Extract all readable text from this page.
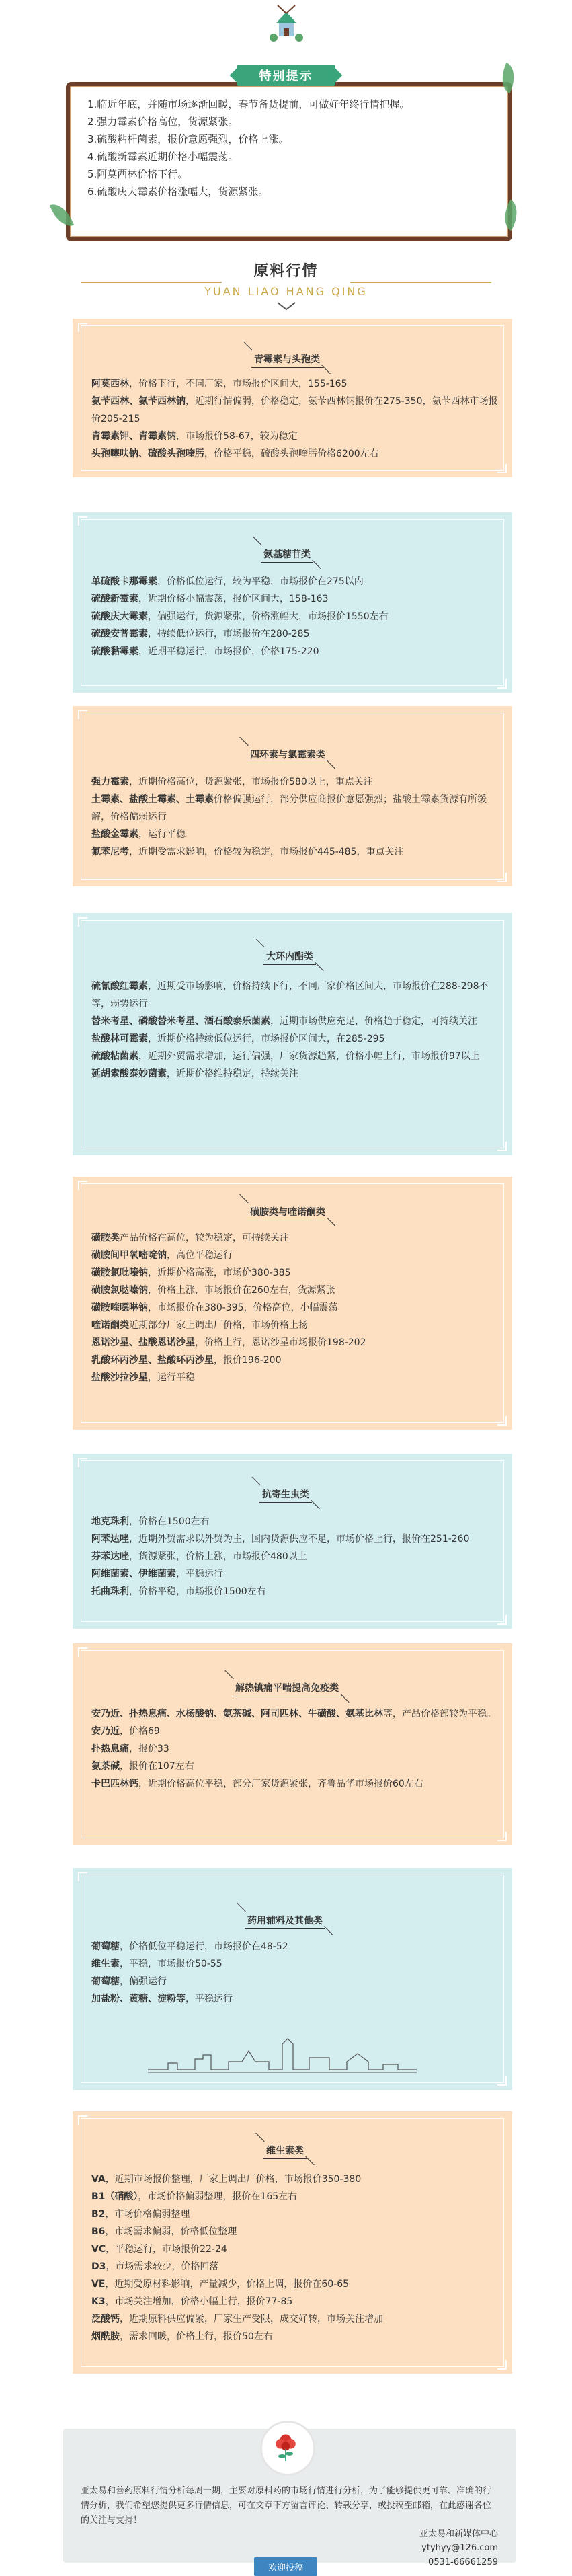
特别提示
1.临近年底，并随市场逐渐回暖，春节备货提前，可做好年终行情把握。
2.强力霉素价格高位，货源紧张。
3.硫酸粘杆菌素，报价意愿强烈，价格上涨。
4.硫酸新霉素近期价格小幅震荡。
5.阿莫西林价格下行。
6.硫酸庆大霉素价格涨幅大，货源紧张。
原料行情
YUAN LIAO HANG QING
青霉素与头孢类
阿莫西林，价格下行，不同厂家，市场报价区间大，155-165
氨苄西林、氨苄西林钠，近期行情偏弱，价格稳定，氨苄西林钠报价在275-350，氨苄西林市场报价205-215
青霉素钾、青霉素钠，市场报价58-67，较为稳定
头孢噻呋钠、硫酸头孢喹肟，价格平稳，硫酸头孢喹肟价格6200左右
氨基糖苷类
单硫酸卡那霉素，价格低位运行，较为平稳，市场报价在275以内
硫酸新霉素，近期价格小幅震荡，报价区间大，158-163
硫酸庆大霉素，偏强运行，货源紧张，价格涨幅大，市场报价1550左右
硫酸安普霉素，持续低位运行，市场报价在280-285
硫酸黏霉素，近期平稳运行，市场报价，价格175-220
四环素与氯霉素类
强力霉素，近期价格高位，货源紧张，市场报价580以上，重点关注
土霉素、盐酸土霉素、土霉素价格偏强运行，部分供应商报价意愿强烈；盐酸土霉素货源有所缓解，价格偏弱运行
盐酸金霉素，运行平稳
氟苯尼考，近期受需求影响，价格较为稳定，市场报价445-485，重点关注
大环内酯类
硫氰酸红霉素，近期受市场影响，价格持续下行，不同厂家价格区间大，市场报价在288-298不等，弱势运行
替米考星、磷酸替米考星、酒石酸泰乐菌素，近期市场供应充足，价格趋于稳定，可持续关注
盐酸林可霉素，近期价格持续低位运行，市场报价区间大，在285-295
硫酸粘菌素，近期外贸需求增加，运行偏强，厂家货源趋紧，价格小幅上行，市场报价97以上
延胡索酸泰妙菌素，近期价格维持稳定，持续关注
磺胺类与喹诺酮类
磺胺类产品价格在高位，较为稳定，可持续关注
磺胺间甲氧嘧啶钠，高位平稳运行
磺胺氯吡嗪钠，近期价格高涨，市场价380-385
磺胺氯哒嗪钠，价格上涨，市场报价在260左右，货源紧张
磺胺喹噁啉钠，市场报价在380-395，价格高位，小幅震荡
喹诺酮类近期部分厂家上调出厂价格，市场价格上扬
恩诺沙星、盐酸恩诺沙星，价格上行，恩诺沙星市场报价198-202
乳酸环丙沙星、盐酸环丙沙星，报价196-200
盐酸沙拉沙星，运行平稳
抗寄生虫类
地克珠利，价格在1500左右
阿苯达唑，近期外贸需求以外贸为主，国内货源供应不足，市场价格上行，报价在251-260
芬苯达唑，货源紧张，价格上涨，市场报价480以上
阿维菌素、伊维菌素，平稳运行
托曲珠利，价格平稳，市场报价1500左右
解热镇痛平喘提高免疫类
安乃近、扑热息痛、水杨酸钠、氨茶碱、阿司匹林、牛磺酸、氨基比林等，产品价格部较为平稳。
安乃近，价格69
扑热息痛，报价33
氨茶碱，报价在107左右
卡巴匹林钙，近期价格高位平稳，部分厂家货源紧张，齐鲁晶华市场报价60左右
药用辅料及其他类
葡萄糖，价格低位平稳运行，市场报价在48-52
维生素，平稳，市场报价50-55
葡萄糖，偏强运行
加盐粉、黄糖、淀粉等，平稳运行
维生素类
VA，近期市场报价整理，厂家上调出厂价格，市场报价350-380
B1（硝酸），市场价格偏弱整理，报价在165左右
B2，市场价格偏弱整理
B6，市场需求偏弱，价格低位整理
VC，平稳运行，市场报价22-24
D3，市场需求较少，价格回落
VE，近期受原材料影响，产量减少，价格上调，报价在60-65
K3，市场关注增加，价格小幅上行，报价77-85
泛酸钙，近期原料供应偏紧，厂家生产受限，成交好转，市场关注增加
烟酰胺，需求回暖，价格上行，报价50左右
亚太易和善药原料行情分析每周一期，主要对原料药的市场行情进行分析，为了能够提供更可靠、准确的行情分析，我们希望您提供更多行情信息，可在文章下方留言评论、转载分享，或投稿至邮箱，在此感谢各位的关注与支持！
亚太易和新媒体中心
ytyhyy@126.com
0531-66661259
欢迎投稿
